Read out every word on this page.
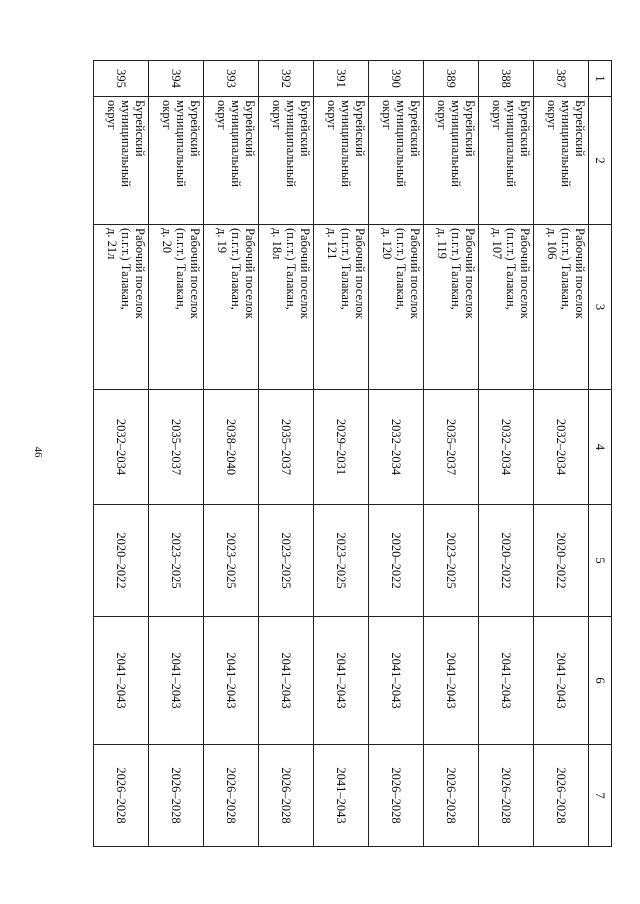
46
1	2	3	4	5	6	7
387	Бурейский
муниципальный
округ	Рабочий поселок
(п.г.т.) Талакан,
д. 106	2032–2034	2020–2022	2041–2043	2026–2028
388	Бурейский
муниципальный
округ	Рабочий поселок
(п.г.т.) Талакан,
д. 107	2032–2034	2020–2022	2041–2043	2026–2028
389	Бурейский
муниципальный
округ	Рабочий поселок
(п.г.т.) Талакан,
д. 119	2035–2037	2023–2025	2041–2043	2026–2028
390	Бурейский
муниципальный
округ	Рабочий поселок
(п.г.т.) Талакан,
д. 120	2032–2034	2020–2022	2041–2043	2026–2028
391	Бурейский
муниципальный
округ	Рабочий поселок
(п.г.т.) Талакан,
д. 121	2029–2031	2023–2025	2041–2043	2041–2043
392	Бурейский
муниципальный
округ	Рабочий поселок
(п.г.т.) Талакан,
д. 18л	2035–2037	2023–2025	2041–2043	2026–2028
393	Бурейский
муниципальный
округ	Рабочий поселок
(п.г.т.) Талакан,
д. 19	2038–2040	2023–2025	2041–2043	2026–2028
394	Бурейский
муниципальный
округ	Рабочий поселок
(п.г.т.) Талакан,
д. 20	2035–2037	2023–2025	2041–2043	2026–2028
395	Бурейский
муниципальный
округ	Рабочий поселок
(п.г.т.) Талакан,
д. 21л	2032–2034	2020–2022	2041–2043	2026–2028
